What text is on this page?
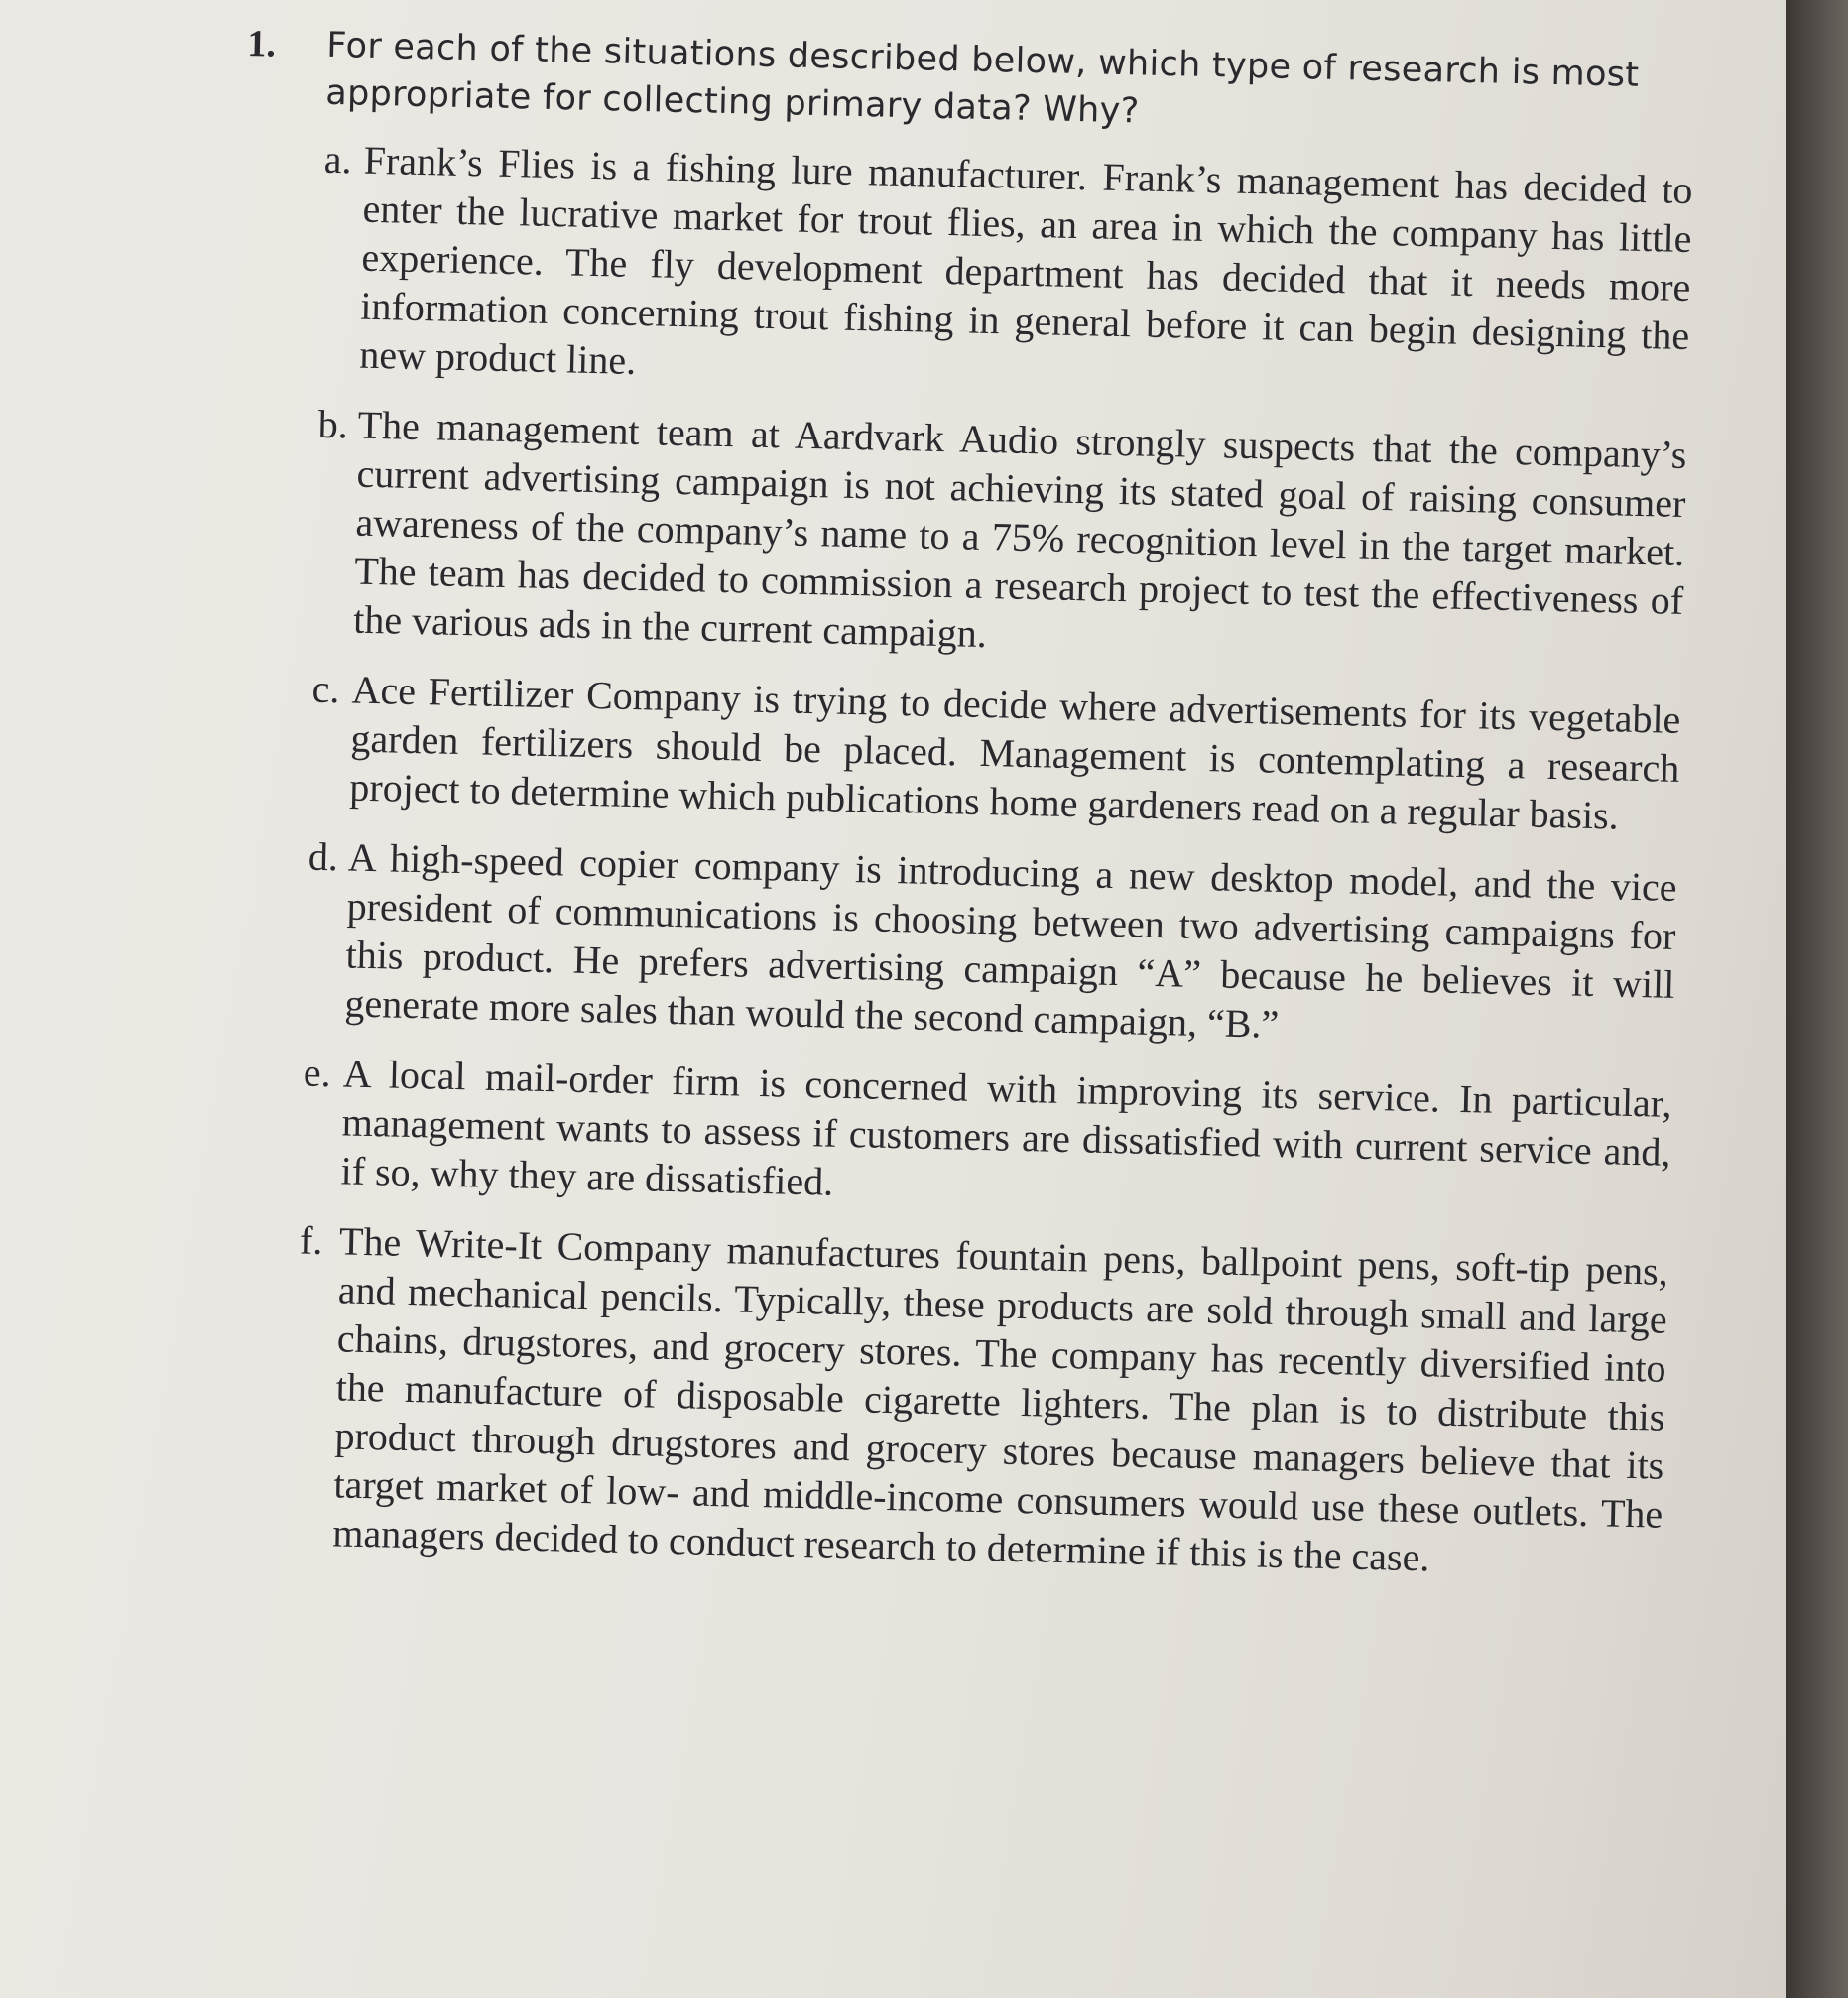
1.	For each of the situations described below, which type of research is most appropriate for collecting primary data? Why?
a. Frank’s Flies is a fishing lure manufacturer. Frank’s management has decided to enter the lucrative market for trout flies, an area in which the company has little experience. The fly development department has decided that it needs more information concerning trout fishing in general before it can begin designing the new product line.
b. The management team at Aardvark Audio strongly suspects that the company’s current advertising campaign is not achieving its stated goal of raising consumer awareness of the company’s name to a 75% recognition level in the target market. The team has decided to commission a research project to test the effectiveness of the various ads in the current campaign.
c. Ace Fertilizer Company is trying to decide where advertisements for its vegetable garden fertilizers should be placed. Management is contemplating a research project to determine which publications home gardeners read on a regular basis.
d. A high-speed copier company is introducing a new desktop model, and the vice president of communications is choosing between two advertising campaigns for this product. He prefers advertising campaign “A” because he believes it will generate more sales than would the second campaign, “B.”
e. A local mail-order firm is concerned with improving its service. In particular, management wants to assess if customers are dissatisfied with current service and, if so, why they are dissatisfied.
f. The Write-It Company manufactures fountain pens, ballpoint pens, soft-tip pens, and mechanical pencils. Typically, these products are sold through small and large chains, drugstores, and grocery stores. The company has recently diversified into the manufacture of disposable cigarette lighters. The plan is to distribute this product through drugstores and grocery stores because managers believe that its target market of low- and middle-income consumers would use these outlets. The managers decided to conduct research to determine if this is the case.
